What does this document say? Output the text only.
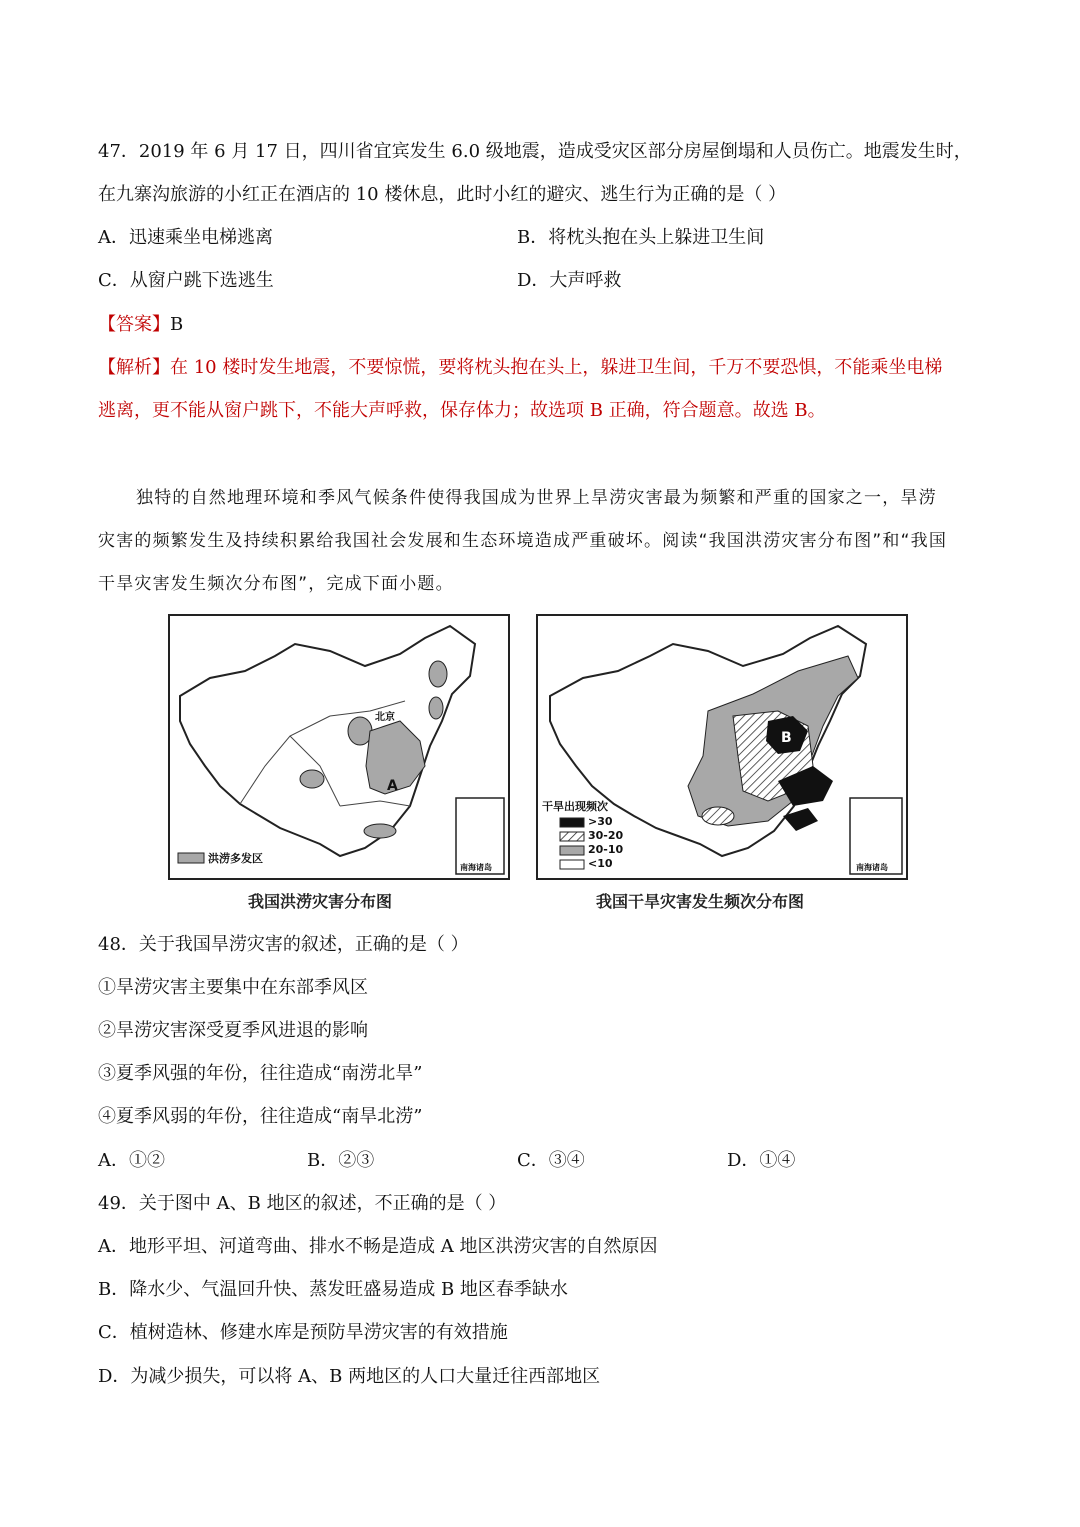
47．2019 年 6 月 17 日，四川省宜宾发生 6.0 级地震，造成受灾区部分房屋倒塌和人员伤亡。地震发生时，
在九寨沟旅游的小红正在酒店的 10 楼休息，此时小红的避灾、逃生行为正确的是（ ）
A．迅速乘坐电梯逃离	B．将枕头抱在头上躲进卫生间
C．从窗户跳下选逃生	D．大声呼救
【答案】B
【解析】在 10 楼时发生地震，不要惊慌，要将枕头抱在头上，躲进卫生间，千万不要恐惧，不能乘坐电梯
逃离，更不能从窗户跳下，不能大声呼救，保存体力；故选项 B 正确，符合题意。故选 B。
独特的自然地理环境和季风气候条件使得我国成为世界上旱涝灾害最为频繁和严重的国家之一，旱涝
灾害的频繁发生及持续积累给我国社会发展和生态环境造成严重破坏。阅读“我国洪涝灾害分布图”和“我国
干旱灾害发生频次分布图”，完成下面小题。
北京
A
洪涝多发区
南海诸岛
我国洪涝灾害分布图
B
干旱出现频次
>30
30-20
20-10
<10	南海诸岛
我国干旱灾害发生频次分布图
48．关于我国旱涝灾害的叙述，正确的是（ ）
①旱涝灾害主要集中在东部季风区
②旱涝灾害深受夏季风进退的影响
③夏季风强的年份，往往造成“南涝北旱”
④夏季风弱的年份，往往造成“南旱北涝”
A．①②	B．②③	C．③④	D．①④
49．关于图中 A、B 地区的叙述，不正确的是（ ）
A．地形平坦、河道弯曲、排水不畅是造成 A 地区洪涝灾害的自然原因
B．降水少、气温回升快、蒸发旺盛易造成 B 地区春季缺水
C．植树造林、修建水库是预防旱涝灾害的有效措施
D．为减少损失，可以将 A、B 两地区的人口大量迁往西部地区
